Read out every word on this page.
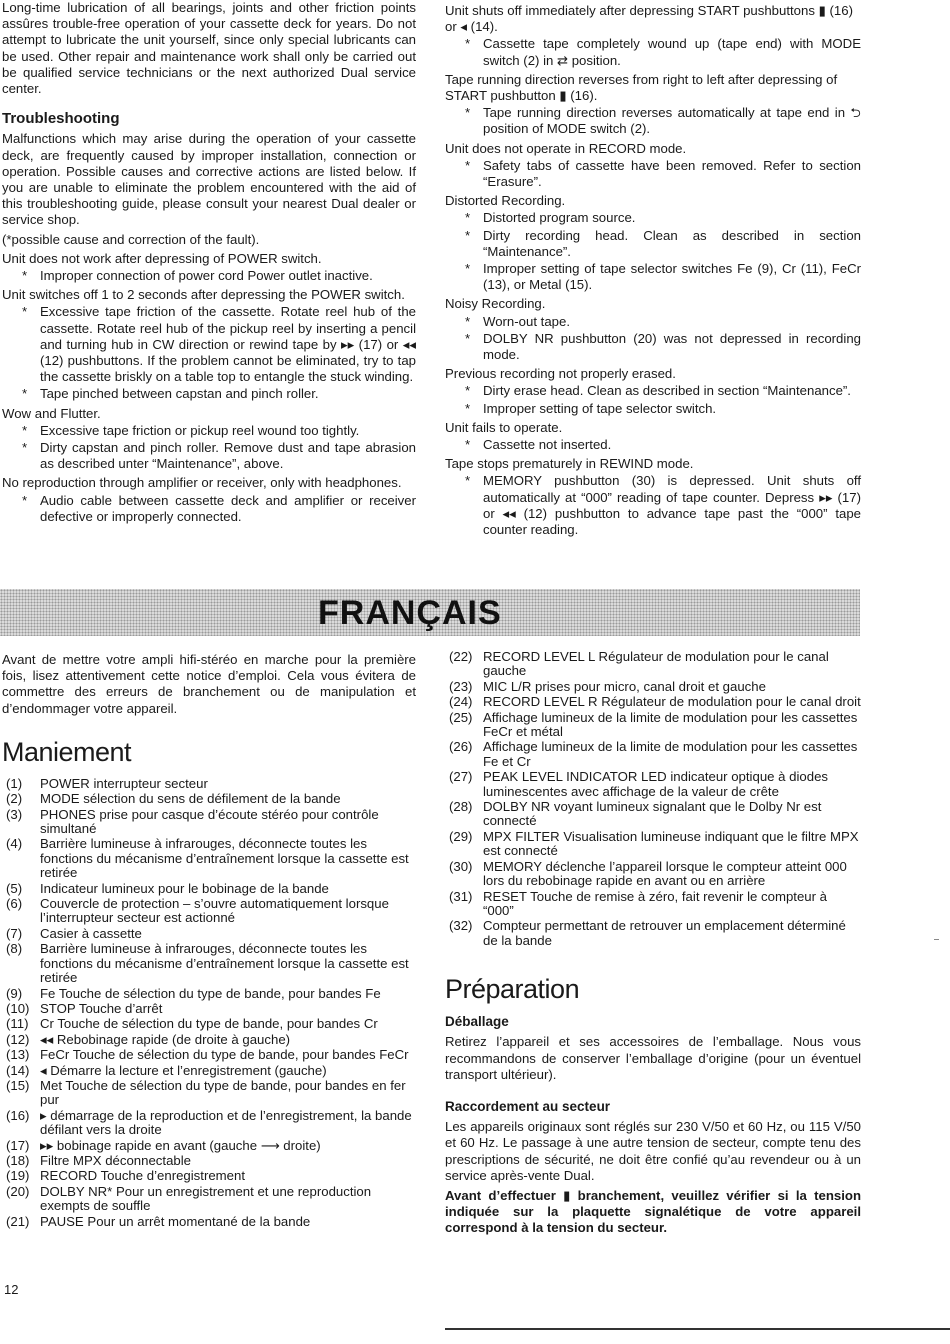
Long-time lubrication of all bearings, joints and other friction points assûres trouble-free operation of your cassette deck for years. Do not attempt to lubricate the unit yourself, since only special lubricants can be used. Other repair and maintenance work shall only be carried out be qualified service technicians or the next authorized Dual service center.

Troubleshooting

Malfunctions which may arise during the operation of your cassette deck, are frequently caused by improper installation, connection or operation. Possible causes and corrective actions are listed below. If you are unable to eliminate the problem encountered with the aid of this troubleshooting guide, please consult your nearest Dual dealer or service shop.

(*possible cause and correction of the fault).

Unit does not work after depressing of POWER switch.

* Improper connection of power cord Power outlet inactive.

Unit switches off 1 to 2 seconds after depressing the POWER switch.

* Excessive tape friction of the cassette. Rotate reel hub of the cassette. Rotate reel hub of the pickup reel by inserting a pencil and turning hub in CW direction or rewind tape by ▸▸ (17) or ◂◂ (12) pushbuttons. If the problem cannot be eliminated, try to tap the cassette briskly on a table top to entangle the stuck winding.
* Tape pinched between capstan and pinch roller.

Wow and Flutter.

* Excessive tape friction or pickup reel wound too tightly.
* Dirty capstan and pinch roller. Remove dust and tape abrasion as described unter “Maintenance”, above.

No reproduction through amplifier or receiver, only with headphones.

* Audio cable between cassette deck and amplifier or receiver defective or improperly connected.

Unit shuts off immediately after depressing START pushbuttons ▮ (16) or ◂ (14).

* Cassette tape completely wound up (tape end) with MODE switch (2) in ⇄ position.

Tape running direction reverses from right to left after depressing of START pushbutton ▮ (16).

* Tape running direction reverses automatically at tape end in ⮌ position of MODE switch (2).

Unit does not operate in RECORD mode.

* Safety tabs of cassette have been removed. Refer to section “Erasure”.

Distorted Recording.

* Distorted program source.
* Dirty recording head. Clean as described in section “Maintenance”.
* Improper setting of tape selector switches Fe (9), Cr (11), FeCr (13), or Metal (15).

Noisy Recording.

* Worn-out tape.
* DOLBY NR pushbutton (20) was not depressed in recording mode.

Previous recording not properly erased.

* Dirty erase head. Clean as described in section “Maintenance”.
* Improper setting of tape selector switch.

Unit fails to operate.

* Cassette not inserted.

Tape stops prematurely in REWIND mode.

* MEMORY pushbutton (30) is depressed. Unit shuts off automatically at “000” reading of tape counter. Depress ▸▸ (17) or ◂◂ (12) pushbutton to advance tape past the “000” tape counter reading.
FRANÇAIS

Avant de mettre votre ampli hifi-stéréo en marche pour la première fois, lisez attentivement cette notice d’emploi. Cela vous évitera de commettre des erreurs de branchement ou de manipulation et d’endommager votre appareil.

Maniement
(1)	POWER interrupteur secteur
(2)	MODE sélection du sens de défilement de la bande
(3)	PHONES prise pour casque d’écoute stéréo pour contrôle simultané
(4)	Barrière lumineuse à infrarouges, déconnecte toutes les fonctions du mécanisme d’entraînement lorsque la cassette est retirée
(5)	Indicateur lumineux pour le bobinage de la bande
(6)	Couvercle de protection – s’ouvre automatiquement lorsque l’interrupteur secteur est actionné
(7)	Casier à cassette
(8)	Barrière lumineuse à infrarouges, déconnecte toutes les fonctions du mécanisme d’entraînement lorsque la cassette est retirée
(9)	Fe Touche de sélection du type de bande, pour bandes Fe
(10) STOP Touche d’arrêt
(11) Cr Touche de sélection du type de bande, pour bandes Cr
(12) ◂◂ Rebobinage rapide (de droite à gauche)
(13) FeCr Touche de sélection du type de bande, pour bandes FeCr
(14) ◂ Démarre la lecture et l’enregistrement (gauche)
(15) Met Touche de sélection du type de bande, pour bandes en fer pur
(16) ▸ démarrage de la reproduction et de l’enregistrement, la bande défilant vers la droite
(17) ▸▸ bobinage rapide en avant (gauche ⟶ droite)
(18) Filtre MPX déconnectable
(19) RECORD Touche d’enregistrement
(20) DOLBY NR* Pour un enregistrement et une reproduction exempts de souffle
(21) PAUSE Pour un arrêt momentané de la bande
(22) RECORD LEVEL L Régulateur de modulation pour le canal gauche
(23) MIC L/R prises pour micro, canal droit et gauche
(24) RECORD LEVEL R Régulateur de modulation pour le canal droit
(25) Affichage lumineux de la limite de modulation pour les cassettes FeCr et métal
(26) Affichage lumineux de la limite de modulation pour les cassettes Fe et Cr
(27) PEAK LEVEL INDICATOR LED indicateur optique à diodes luminescentes avec affichage de la valeur de crête
(28) DOLBY NR voyant lumineux signalant que le Dolby Nr est connecté
(29) MPX FILTER Visualisation lumineuse indiquant que le filtre MPX est connecté
(30) MEMORY déclenche l’appareil lorsque le compteur atteint 000 lors du rebobinage rapide en avant ou en arrière
(31) RESET Touche de remise à zéro, fait revenir le compteur à “000”
(32) Compteur permettant de retrouver un emplacement déterminé de la bande
Préparation
Déballage

Retirez l’appareil et ses accessoires de l’emballage. Nous vous recommandons de conserver l’emballage d’origine (pour un éventuel transport ultérieur).

Raccordement au secteur

Les appareils originaux sont réglés sur 230 V/50 et 60 Hz, ou 115 V/50 et 60 Hz. Le passage à une autre tension de secteur, compte tenu des prescriptions de sécurité, ne doit être confié qu’au revendeur ou à un service après-vente Dual.

Avant d’effectuer ▮ branchement, veuillez vérifier si la tension indiquée sur la plaquette signalétique de votre appareil correspond à la tension du secteur.

12
